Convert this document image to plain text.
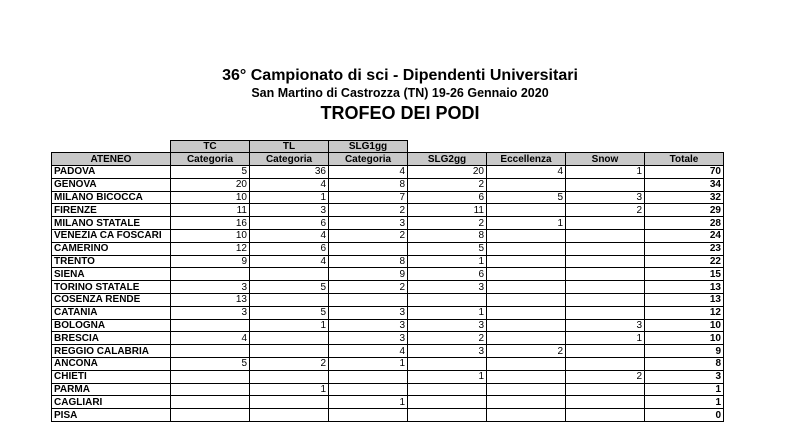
36° Campionato di sci - Dipendenti Universitari
San Martino di Castrozza (TN) 19-26 Gennaio 2020
TROFEO DEI PODI
	TC	TL	SLG1gg				
ATENEO	Categoria	Categoria	Categoria	SLG2gg	Eccellenza	Snow	Totale
PADOVA	5	36	4	20	4	1	70
GENOVA	20	4	8	2			34
MILANO BICOCCA	10	1	7	6	5	3	32
FIRENZE	11	3	2	11		2	29
MILANO STATALE	16	6	3	2	1		28
VENEZIA CA FOSCARI	10	4	2	8			24
CAMERINO	12	6		5			23
TRENTO	9	4	8	1			22
SIENA			9	6			15
TORINO STATALE	3	5	2	3			13
COSENZA RENDE	13						13
CATANIA	3	5	3	1			12
BOLOGNA		1	3	3		3	10
BRESCIA	4		3	2		1	10
REGGIO CALABRIA			4	3	2		9
ANCONA	5	2	1				8
CHIETI				1		2	3
PARMA		1					1
CAGLIARI			1				1
PISA							0
